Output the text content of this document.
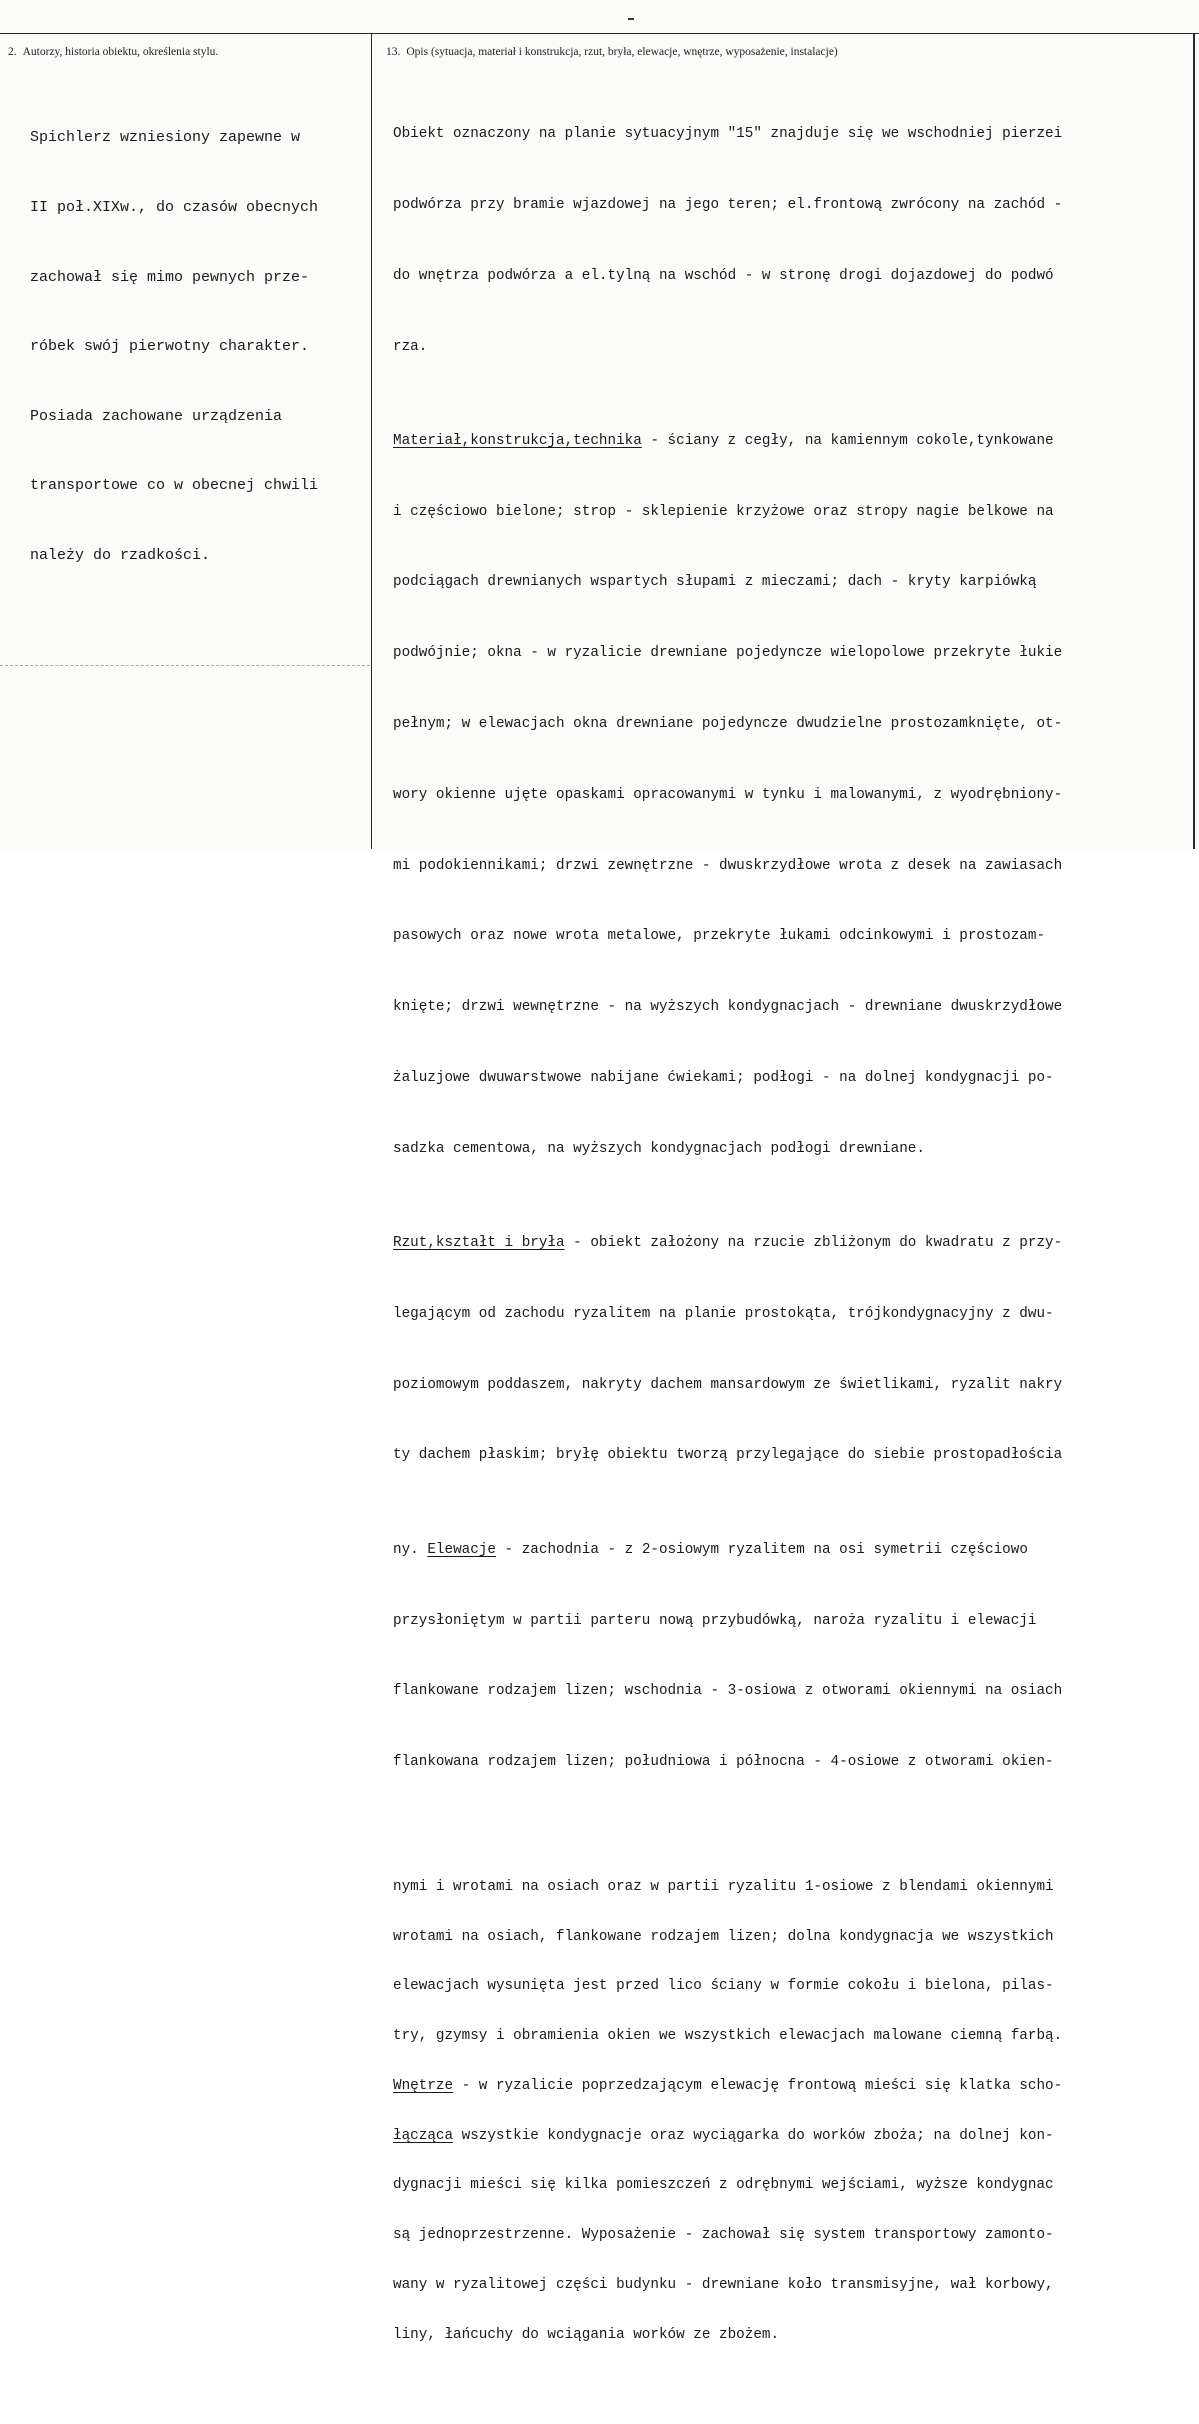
2. Autorzy, historia obiektu, określenia stylu.	13. Opis (sytuacja, materiał i konstrukcja, rzut, bryła, elewacje, wnętrze, wyposażenie, instalacje)

Spichlerz wzniesiony zapewne w

II poł.XIXw., do czasów obecnych

zachował się mimo pewnych prze-

róbek swój pierwotny charakter.

Posiada zachowane urządzenia

transportowe co w obecnej chwili

należy do rzadkości.

Obiekt oznaczony na planie sytuacyjnym "15" znajduje się we wschodniej pierzei

podwórza przy bramie wjazdowej na jego teren; el.frontową zwrócony na zachód -

do wnętrza podwórza a el.tylną na wschód - w stronę drogi dojazdowej do podwó

rza.

Materiał,konstrukcja,technika - ściany z cegły, na kamiennym cokole,tynkowane

i częściowo bielone; strop - sklepienie krzyżowe oraz stropy nagie belkowe na

podciągach drewnianych wspartych słupami z mieczami; dach - kryty karpiówką

podwójnie; okna - w ryzalicie drewniane pojedyncze wielopolowe przekryte łukie

pełnym; w elewacjach okna drewniane pojedyncze dwudzielne prostozamknięte, ot-

wory okienne ujęte opaskami opracowanymi w tynku i malowanymi, z wyodrębniony-

mi podokiennikami; drzwi zewnętrzne - dwuskrzydłowe wrota z desek na zawiasach

pasowych oraz nowe wrota metalowe, przekryte łukami odcinkowymi i prostozam-

knięte; drzwi wewnętrzne - na wyższych kondygnacjach - drewniane dwuskrzydłowe

żaluzjowe dwuwarstwowe nabijane ćwiekami; podłogi - na dolnej kondygnacji po-

sadzka cementowa, na wyższych kondygnacjach podłogi drewniane.

Rzut,kształt i bryła - obiekt założony na rzucie zbliżonym do kwadratu z przy-

legającym od zachodu ryzalitem na planie prostokąta, trójkondygnacyjny z dwu-

poziomowym poddaszem, nakryty dachem mansardowym ze świetlikami, ryzalit nakry

ty dachem płaskim; bryłę obiektu tworzą przylegające do siebie prostopadłościa

ny. Elewacje - zachodnia - z 2-osiowym ryzalitem na osi symetrii częściowo

przysłoniętym w partii parteru nową przybudówką, naroża ryzalitu i elewacji

flankowane rodzajem lizen; wschodnia - 3-osiowa z otworami okiennymi na osiach

flankowana rodzajem lizen; południowa i północna - 4-osiowe z otworami okien-

nymi i wrotami na osiach oraz w partii ryzalitu 1-osiowe z blendami okiennymi

wrotami na osiach, flankowane rodzajem lizen; dolna kondygnacja we wszystkich

elewacjach wysunięta jest przed lico ściany w formie cokołu i bielona, pilas-

try, gzymsy i obramienia okien we wszystkich elewacjach malowane ciemną farbą.

Wnętrze - w ryzalicie poprzedzającym elewację frontową mieści się klatka scho-

łącząca wszystkie kondygnacje oraz wyciągarka do worków zboża; na dolnej kon-

dygnacji mieści się kilka pomieszczeń z odrębnymi wejściami, wyższe kondygnac

są jednoprzestrzenne. Wyposażenie - zachował się system transportowy zamonto-

wany w ryzalitowej części budynku - drewniane koło transmisyjne, wał korbowy,

liny, łańcuchy do wciągania worków ze zbożem.
